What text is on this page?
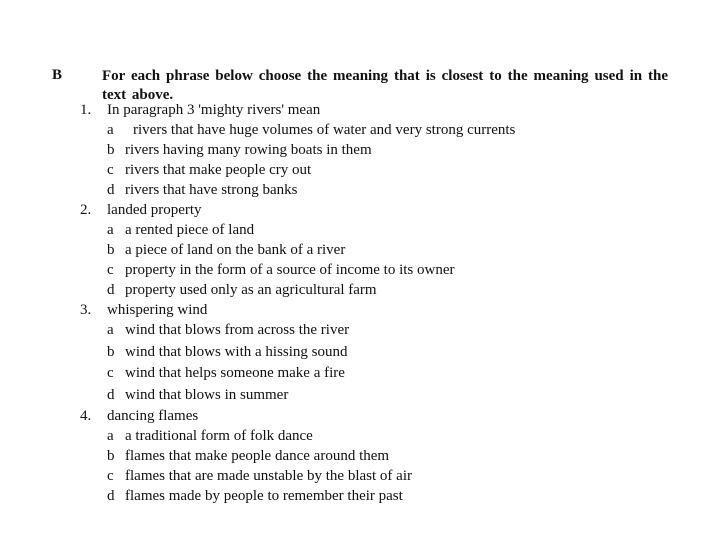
B	For each phrase below choose the meaning that is closest to the meaning used in the text above.
1.	In paragraph 3 'mighty rivers' mean
a	rivers that have huge volumes of water and very strong currents
b rivers having many rowing boats in them
c rivers that make people cry out
d rivers that have strong banks
2.	landed property
a a rented piece of land
b a piece of land on the bank of a river
c property in the form of a source of income to its owner
d property used only as an agricultural farm
3.	whispering wind
a wind that blows from across the river
b wind that blows with a hissing sound
c wind that helps someone make a fire
d wind that blows in summer
4.	dancing flames
a a traditional form of folk dance
b flames that make people dance around them
c flames that are made unstable by the blast of air
d flames made by people to remember their past
